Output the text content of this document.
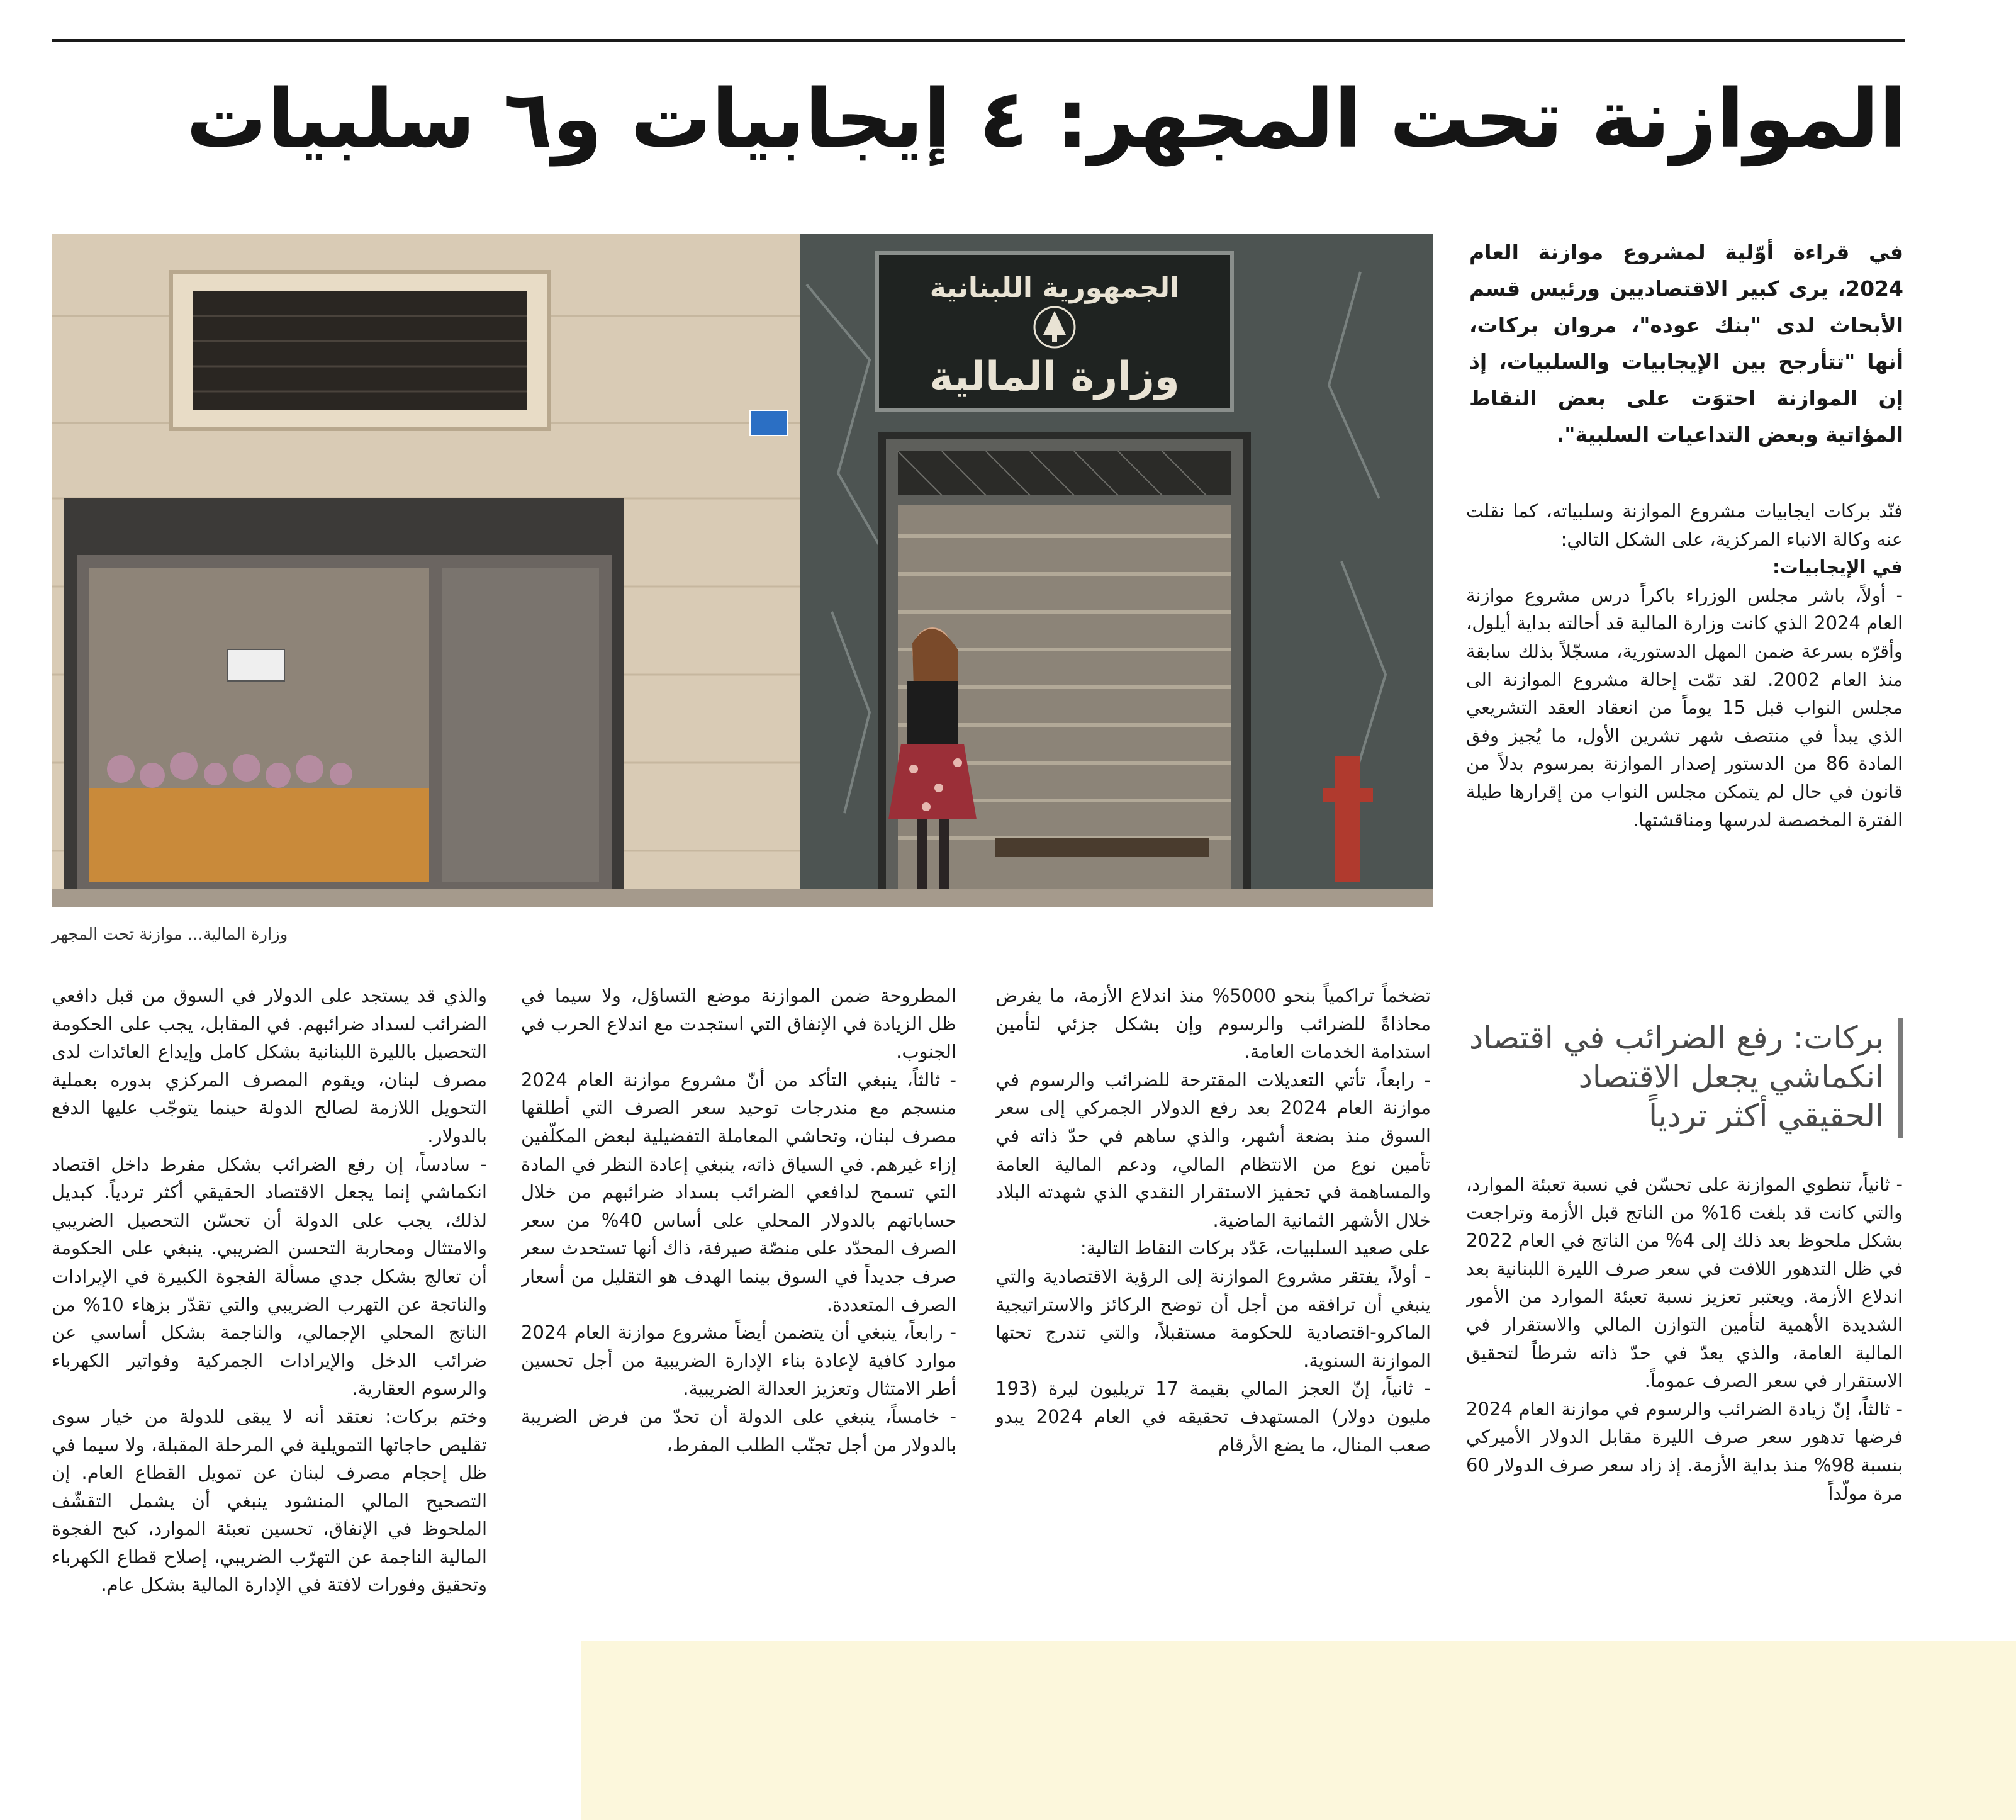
الموازنة تحت المجهر: ٤ إيجابيات و٦ سلبيات
الجمهورية اللبنانية
وزارة المالية
وزارة المالية... موازنة تحت المجهر
في قراءة أوّلية لمشروع موازنة العام 2024، يرى كبير الاقتصاديين ورئيس قسم الأبحاث لدى "بنك عوده"، مروان بركات، أنها "تتأرجح بين الإيجابيات والسلبيات، إذ إن الموازنة احتوَت على بعض النقاط المؤاتية وبعض التداعيات السلبية".

فنّد بركات ايجابيات مشروع الموازنة وسلبياته، كما نقلت عنه وكالة الانباء المركزية، على الشكل التالي:

في الإيجابيات:

- أولاً، باشر مجلس الوزراء باكراً درس مشروع موازنة العام 2024 الذي كانت وزارة المالية قد أحالته بداية أيلول، وأقرّه بسرعة ضمن المهل الدستورية، مسجّلاً بذلك سابقة منذ العام 2002. لقد تمّت إحالة مشروع الموازنة الى مجلس النواب قبل 15 يوماً من انعقاد العقد التشريعي الذي يبدأ في منتصف شهر تشرين الأول، ما يُجيز وفق المادة 86 من الدستور إصدار الموازنة بمرسوم بدلاً من قانون في حال لم يتمكن مجلس النواب من إقرارها طيلة الفترة المخصصة لدرسها ومناقشتها.

بركات: رفع الضرائب في اقتصاد انكماشي يجعل الاقتصاد الحقيقي أكثر تردياً

- ثانياً، تنطوي الموازنة على تحسّن في نسبة تعبئة الموارد، والتي كانت قد بلغت 16% من الناتج قبل الأزمة وتراجعت بشكل ملحوظ بعد ذلك إلى 4% من الناتج في العام 2022 في ظل التدهور اللافت في سعر صرف الليرة اللبنانية بعد اندلاع الأزمة. ويعتبر تعزيز نسبة تعبئة الموارد من الأمور الشديدة الأهمية لتأمين التوازن المالي والاستقرار في المالية العامة، والذي يعدّ في حدّ ذاته شرطاً لتحقيق الاستقرار في سعر الصرف عموماً.

- ثالثاً، إنّ زيادة الضرائب والرسوم في موازنة العام 2024 فرضها تدهور سعر صرف الليرة مقابل الدولار الأميركي بنسبة 98% منذ بداية الأزمة. إذ زاد سعر صرف الدولار 60 مرة مولّداً

تضخماً تراكمياً بنحو 5000% منذ اندلاع الأزمة، ما يفرض محاذاةً للضرائب والرسوم وإن بشكل جزئي لتأمين استدامة الخدمات العامة.

- رابعاً، تأتي التعديلات المقترحة للضرائب والرسوم في موازنة العام 2024 بعد رفع الدولار الجمركي إلى سعر السوق منذ بضعة أشهر، والذي ساهم في حدّ ذاته في تأمين نوع من الانتظام المالي، ودعم المالية العامة والمساهمة في تحفيز الاستقرار النقدي الذي شهدته البلاد خلال الأشهر الثمانية الماضية.

على صعيد السلبيات، عَدّد بركات النقاط التالية:

- أولاً، يفتقر مشروع الموازنة إلى الرؤية الاقتصادية والتي ينبغي أن ترافقه من أجل أن توضح الركائز والاستراتيجية الماكرو-اقتصادية للحكومة مستقبلاً، والتي تندرج تحتها الموازنة السنوية.

- ثانياً، إنّ العجز المالي بقيمة 17 تريليون ليرة (193 مليون دولار) المستهدف تحقيقه في العام 2024 يبدو صعب المنال، ما يضع الأرقام

المطروحة ضمن الموازنة موضع التساؤل، ولا سيما في ظل الزيادة في الإنفاق التي استجدت مع اندلاع الحرب في الجنوب.

- ثالثاً، ينبغي التأكد من أنّ مشروع موازنة العام 2024 منسجم مع مندرجات توحيد سعر الصرف التي أطلقها مصرف لبنان، وتحاشي المعاملة التفضيلية لبعض المكلّفين إزاء غيرهم. في السياق ذاته، ينبغي إعادة النظر في المادة التي تسمح لدافعي الضرائب بسداد ضرائبهم من خلال حساباتهم بالدولار المحلي على أساس 40% من سعر الصرف المحدّد على منصّة صيرفة، ذاك أنها تستحدث سعر صرف جديداً في السوق بينما الهدف هو التقليل من أسعار الصرف المتعددة.

- رابعاً، ينبغي أن يتضمن أيضاً مشروع موازنة العام 2024 موارد كافية لإعادة بناء الإدارة الضريبية من أجل تحسين أطر الامتثال وتعزيز العدالة الضريبية.

- خامساً، ينبغي على الدولة أن تحدّ من فرض الضريبة بالدولار من أجل تجنّب الطلب المفرط،

والذي قد يستجد على الدولار في السوق من قبل دافعي الضرائب لسداد ضرائبهم. في المقابل، يجب على الحكومة التحصيل بالليرة اللبنانية بشكل كامل وإيداع العائدات لدى مصرف لبنان، ويقوم المصرف المركزي بدوره بعملية التحويل اللازمة لصالح الدولة حينما يتوجّب عليها الدفع بالدولار.

- سادساً، إن رفع الضرائب بشكل مفرط داخل اقتصاد انكماشي إنما يجعل الاقتصاد الحقيقي أكثر تردياً. كبديل لذلك، يجب على الدولة أن تحسّن التحصيل الضريبي والامتثال ومحاربة التحسن الضريبي. ينبغي على الحكومة أن تعالج بشكل جدي مسألة الفجوة الكبيرة في الإيرادات والناتجة عن التهرب الضريبي والتي تقدّر بزهاء 10% من الناتج المحلي الإجمالي، والناجمة بشكل أساسي عن ضرائب الدخل والإيرادات الجمركية وفواتير الكهرباء والرسوم العقارية.

وختم بركات: نعتقد أنه لا يبقى للدولة من خيار سوى تقليص حاجاتها التمويلية في المرحلة المقبلة، ولا سيما في ظل إحجام مصرف لبنان عن تمويل القطاع العام. إن التصحيح المالي المنشود ينبغي أن يشمل التقشّف الملحوظ في الإنفاق، تحسين تعبئة الموارد، كبح الفجوة المالية الناجمة عن التهرّب الضريبي، إصلاح قطاع الكهرباء وتحقيق وفورات لافتة في الإدارة المالية بشكل عام.
